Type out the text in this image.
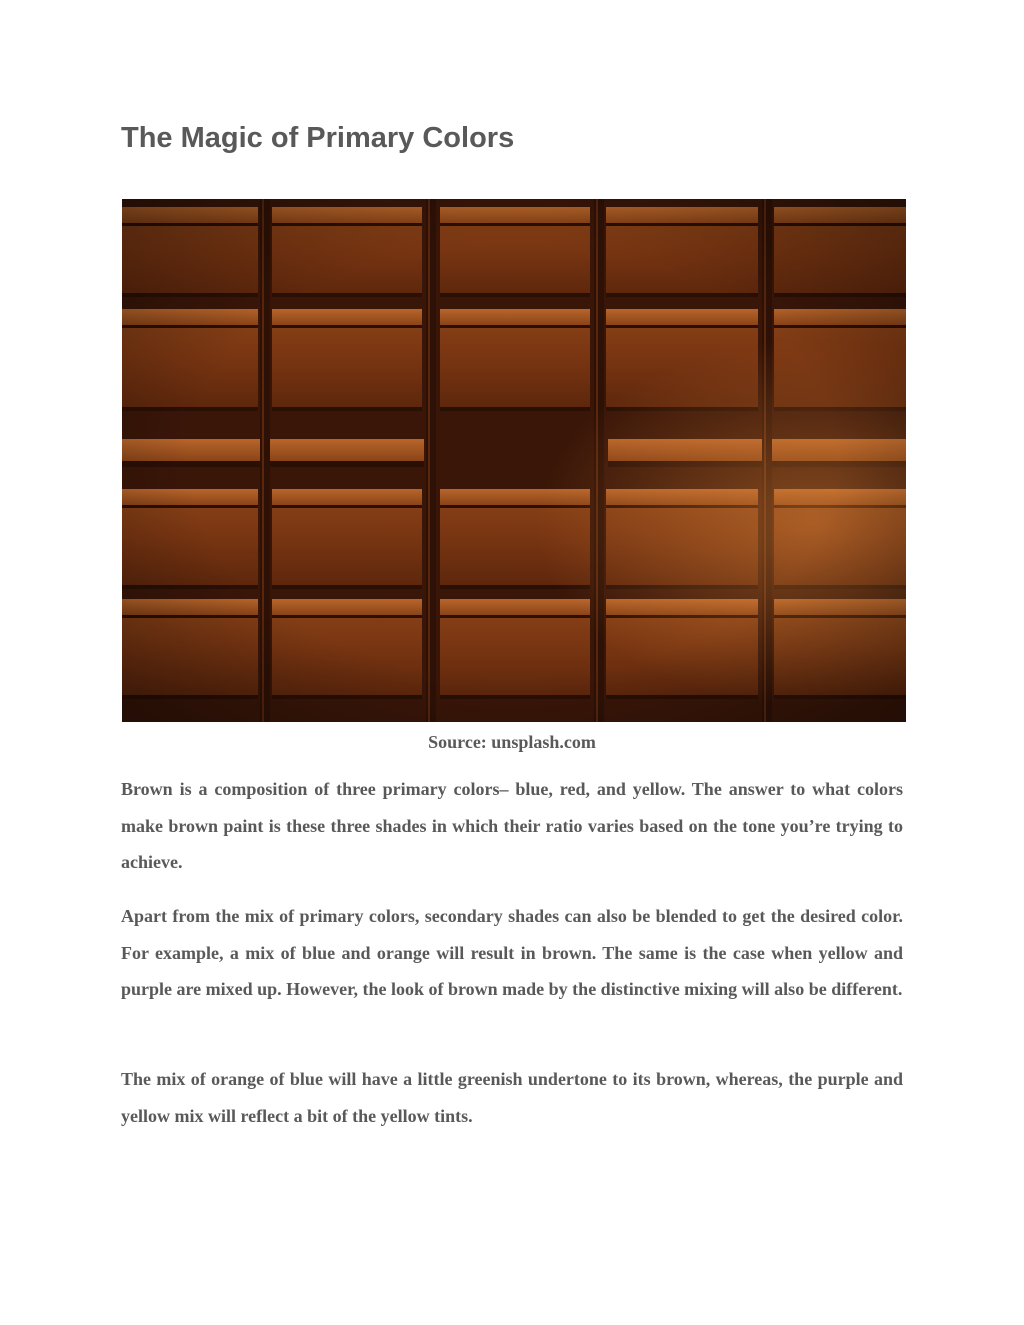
The Magic of Primary Colors

Source: unsplash.com

Brown is a composition of three primary colors– blue, red, and yellow. The answer to what colors make brown paint is these three shades in which their ratio varies based on the tone you’re trying to achieve.

Apart from the mix of primary colors, secondary shades can also be blended to get the desired color. For example, a mix of blue and orange will result in brown. The same is the case when yellow and purple are mixed up. However, the look of brown made by the distinctive mixing will also be different.

The mix of orange of blue will have a little greenish undertone to its brown, whereas, the purple and yellow mix will reflect a bit of the yellow tints.
